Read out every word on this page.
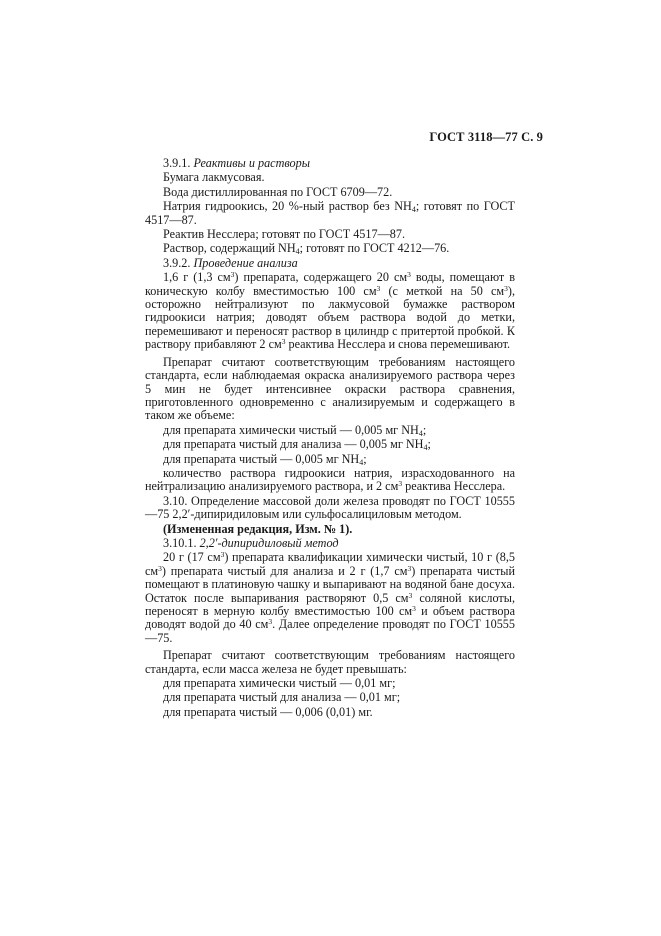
ГОСТ 3118—77 С. 9

3.9.1. Реактивы и растворы

Бумага лакмусовая.

Вода дистиллированная по ГОСТ 6709—72.

Натрия гидроокись, 20 %-ный раствор без $NH_4$; готовят по ГОСТ 4517—87.

Реактив Несслера; готовят по ГОСТ 4517—87.

Раствор, содержащий $NH_4$; готовят по ГОСТ 4212—76.

3.9.2. Проведение анализа

1,6 г (1,3 $см^3$) препарата, содержащего 20 $см^3$ воды, помещают в коническую колбу вместимостью 100 $см^3$ (с меткой на 50 $см^3$), осторожно нейтрализуют по лакмусовой бумажке раствором гидроокиси натрия; доводят объем раствора водой до метки, перемешивают и переносят раствор в цилиндр с притертой пробкой. К раствору прибавляют 2 $см^3$ реактива Несслера и снова перемешивают.

Препарат считают соответствующим требованиям настоящего стандарта, если наблюдаемая окраска анализируемого раствора через 5 мин не будет интенсивнее окраски раствора сравнения, приготовленного одновременно с анализируемым и содержащего в таком же объеме:

для препарата химически чистый — 0,005 мг $NH_4$;

для препарата чистый для анализа — 0,005 мг $NH_4$;

для препарата чистый — 0,005 мг $NH_4$;

количество раствора гидроокиси натрия, израсходованного на нейтрализацию анализируемого раствора, и 2 $см^3$ реактива Несслера.

3.10. Определение массовой доли железа проводят по ГОСТ 10555—75 2,2′-дипиридиловым или сульфосалициловым методом.

(Измененная редакция, Изм. № 1).

3.10.1. 2,2′-дипиридиловый метод

20 г (17 $см^3$) препарата квалификации химически чистый, 10 г (8,5 $см^3$) препарата чистый для анализа и 2 г (1,7 $см^3$) препарата чистый помещают в платиновую чашку и выпаривают на водяной бане досуха. Остаток после выпаривания растворяют 0,5 $см^3$ соляной кислоты, переносят в мерную колбу вместимостью 100 $см^3$ и объем раствора доводят водой до 40 $см^3$. Далее определение проводят по ГОСТ 10555—75.

Препарат считают соответствующим требованиям настоящего стандарта, если масса железа не будет превышать:

для препарата химически чистый — 0,01 мг;

для препарата чистый для анализа — 0,01 мг;

для препарата чистый — 0,006 (0,01) мг.
